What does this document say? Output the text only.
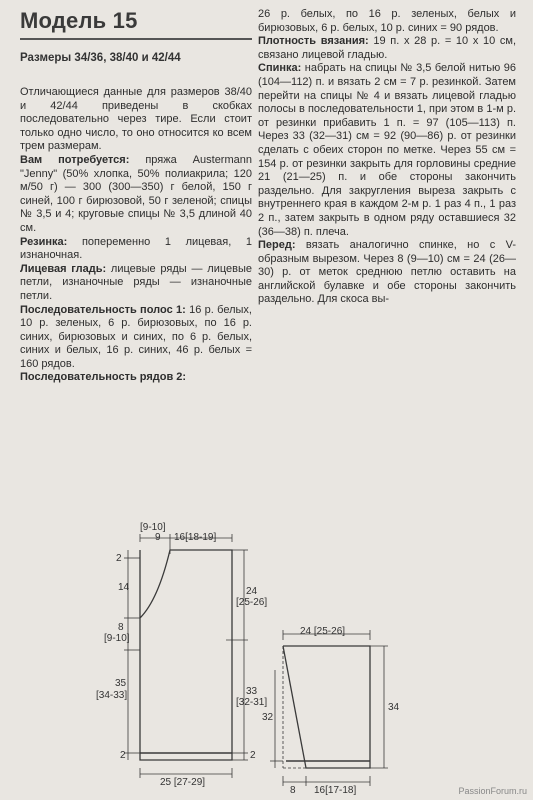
Модель 15
Размеры 34/36, 38/40 и 42/44

Отличающиеся данные для размеров 38/40 и 42/44 приведены в скобках последовательно через тире. Если стоит только одно число, то оно относится ко всем трем размерам.

Вам потребуется: пряжа Austermann "Jenny" (50% хлопка, 50% полиакрила; 120 м/50 г) — 300 (300—350) г белой, 150 г синей, 100 г бирюзовой, 50 г зеленой; спицы № 3,5 и 4; круговые спицы № 3,5 длиной 40 см.

Резинка: попеременно 1 лицевая, 1 изнаночная.

Лицевая гладь: лицевые ряды — лицевые петли, изнаночные ряды — изнаночные петли.

Последовательность полос 1: 16 р. белых, 10 р. зеленых, 6 р. бирюзовых, по 16 р. синих, бирюзовых и синих, по 6 р. белых, синих и белых, 16 р. синих, 46 р. белых = 160 рядов.

Последовательность рядов 2:

26 р. белых, по 16 р. зеленых, белых и бирюзовых, 6 р. белых, 10 р. синих = 90 рядов.

Плотность вязания: 19 п. x 28 р. = 10 x 10 см, связано лицевой гладью.

Спинка: набрать на спицы № 3,5 белой нитью 96 (104—112) п. и вязать 2 см = 7 р. резинкой. Затем перейти на спицы № 4 и вязать лицевой гладью полосы в последовательности 1, при этом в 1-м р. от резинки прибавить 1 п. = 97 (105—113) п. Через 33 (32—31) см = 92 (90—86) р. от резинки сделать с обеих сторон по метке. Через 55 см = 154 р. от резинки закрыть для горловины средние 21 (21—25) п. и обе стороны закончить раздельно. Для закругления выреза закрыть с внутреннего края в каждом 2-м р. 1 раз 4 п., 1 раз 2 п., затем закрыть в одном ряду оставшиеся 32 (36—38) п. плеча.

Перед: вязать аналогично спинке, но с V-образным вырезом. Через 8 (9—10) см = 24 (26—30) р. от меток среднюю петлю оставить на английской булавке и обе стороны закончить раздельно. Для скоса вы-

[9-10]
9 16[18-19]
2
14
8
[9-10]
35
[34-33]
2
24
[25-26]
33
[32-31]
2
25 [27-29]
24 [25-26]
32
34
8 16[17-18]	PassionForum.ru
